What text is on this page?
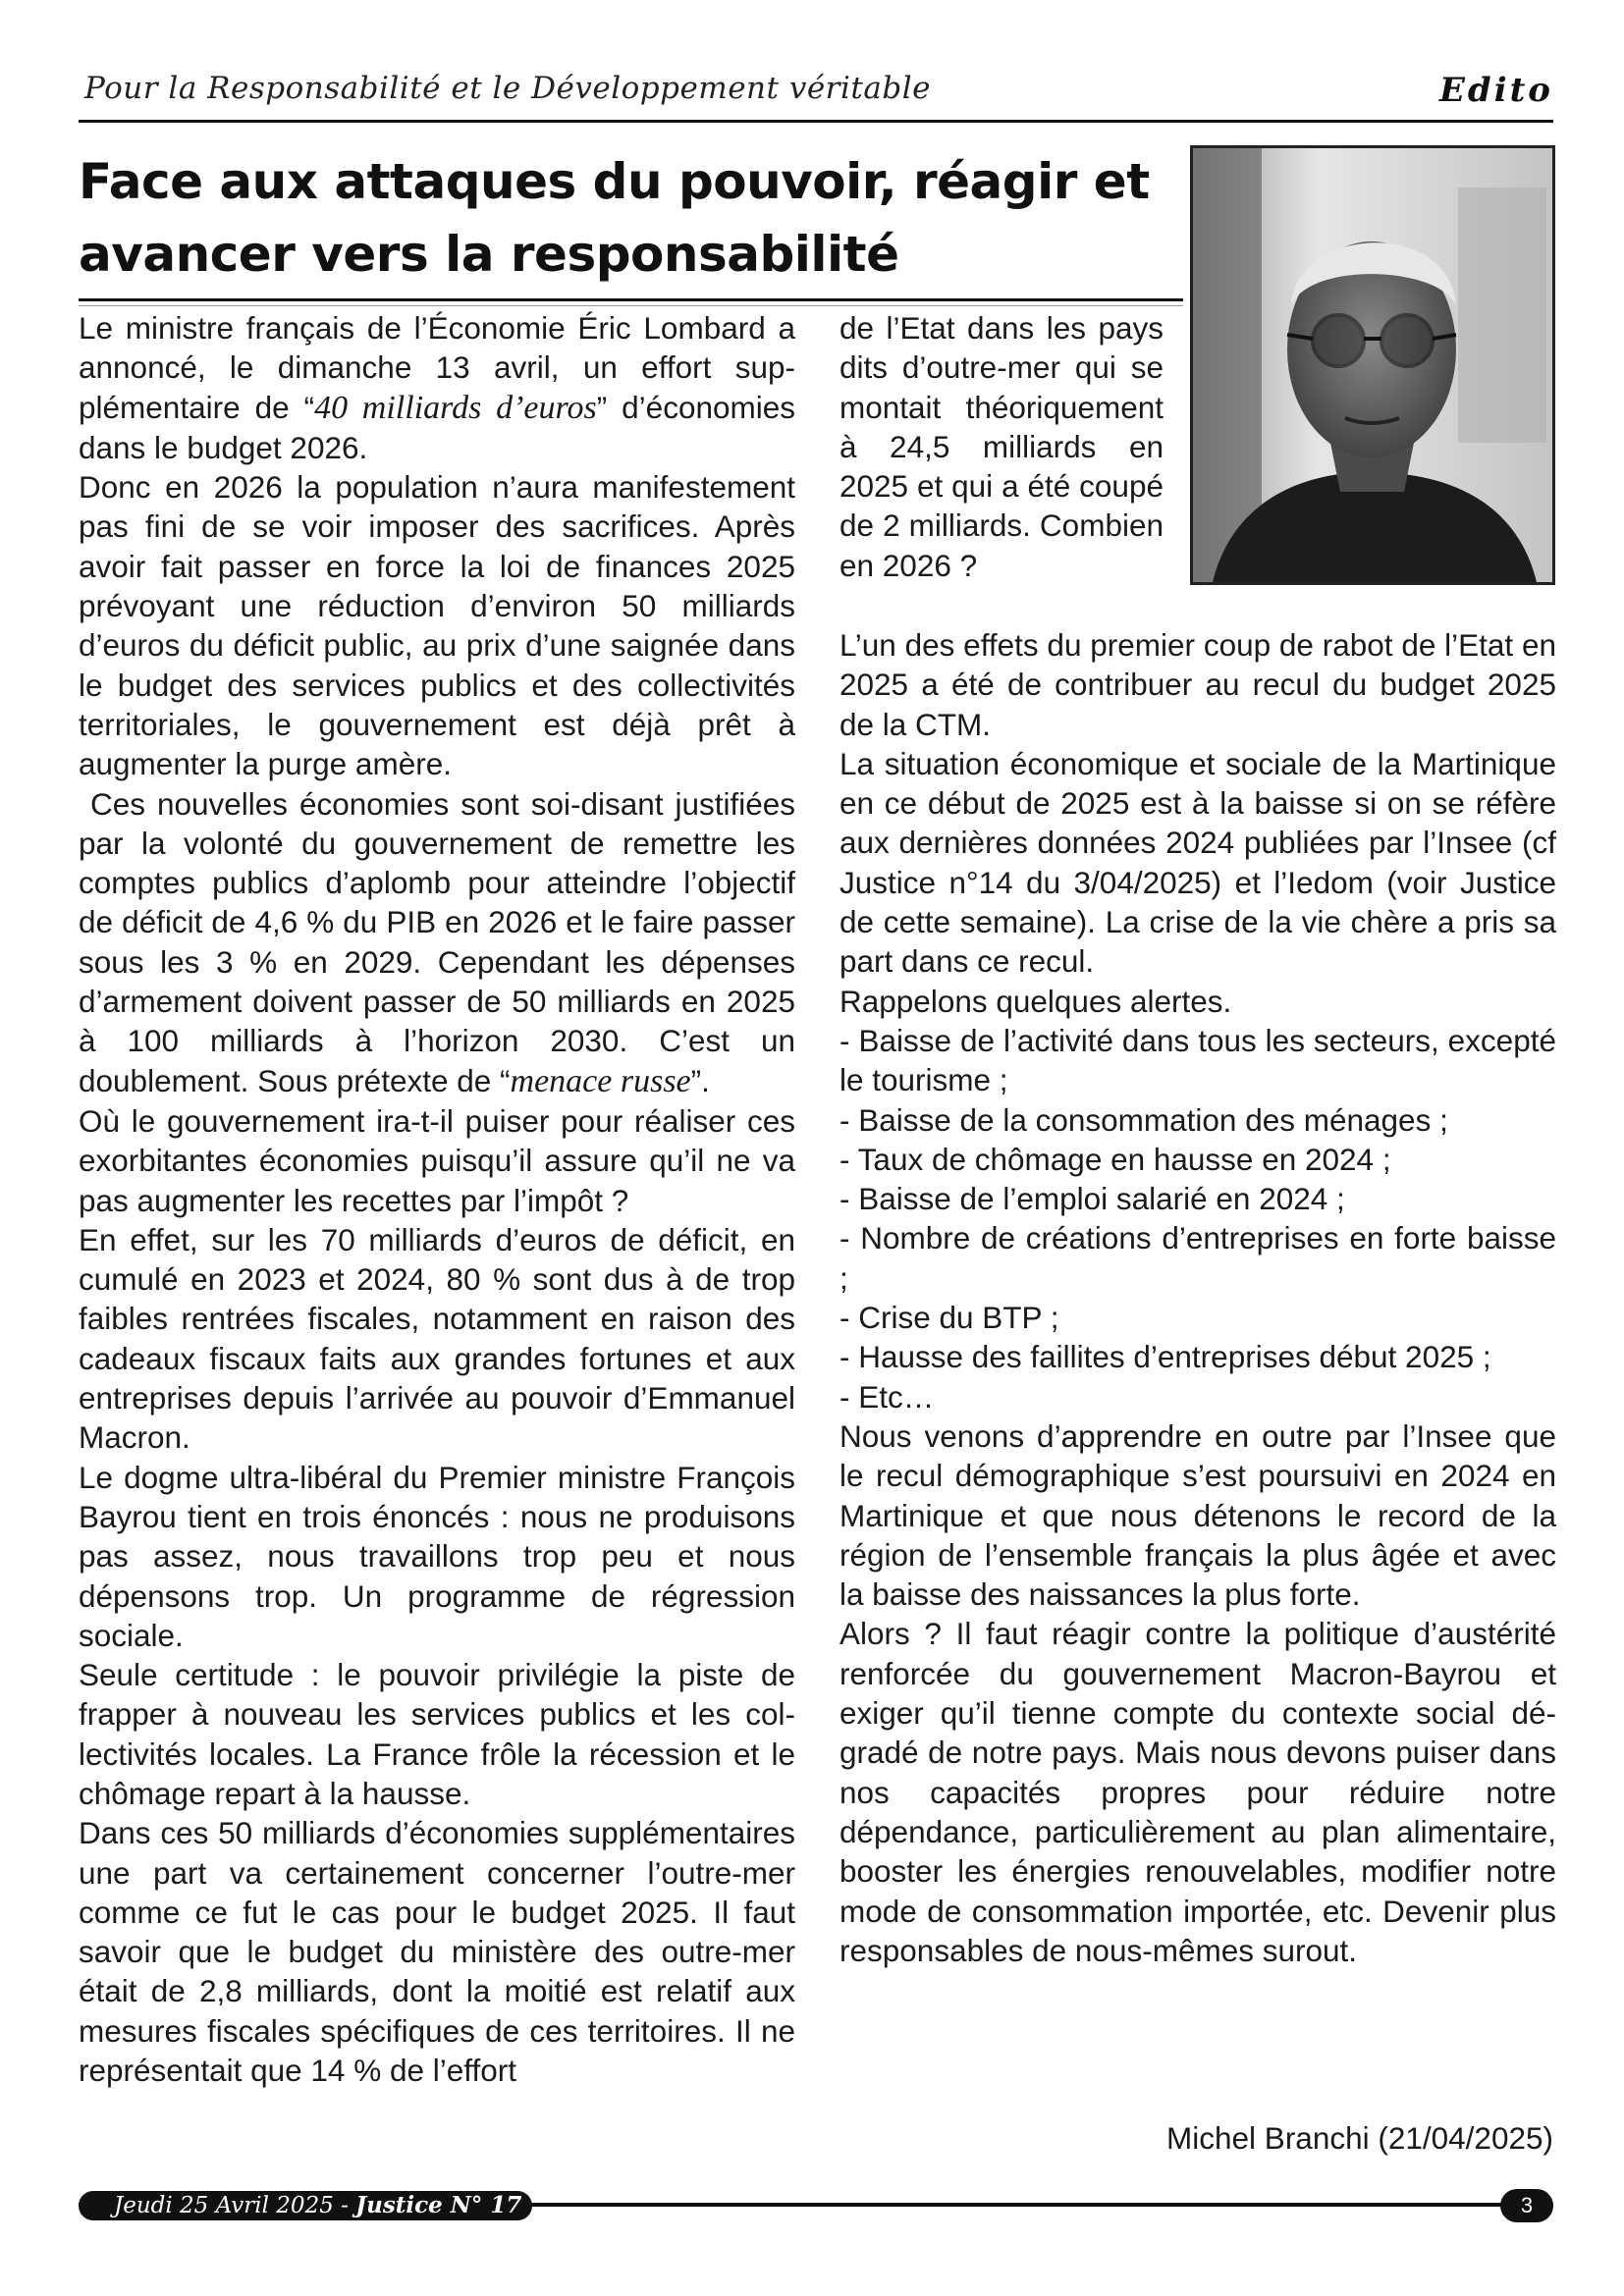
Pour la Responsabilité et le Développement véritable	Edito
Face aux attaques du pouvoir, réagir et avancer vers la responsabilité

Le ministre français de l’Économie Éric Lombard a annoncé, le dimanche 13 avril, un effort supplémentaire de “40 milliards d’euros” d’économies dans le budget 2026.

Donc en 2026 la population n’aura manifestement pas fini de se voir imposer des sacrifices. Après avoir fait passer en force la loi de finances 2025 prévoyant une réduction d’environ 50 milliards d’euros du déficit public, au prix d’une saignée dans le budget des services publics et des collectivités territoriales, le gouvernement est déjà prêt à augmenter la purge amère.

Ces nouvelles économies sont soi-disant justifiées par la volonté du gouvernement de remettre les comptes publics d’aplomb pour atteindre l’objectif de déficit de 4,6 % du PIB en 2026 et le faire passer sous les 3 % en 2029. Cependant les dépenses d’armement doivent passer de 50 milliards en 2025 à 100 milliards à l’horizon 2030. C’est un doublement. Sous prétexte de “menace russe”.

Où le gouvernement ira-t-il puiser pour réaliser ces exorbitantes économies puisqu’il assure qu’il ne va pas augmenter les recettes par l’impôt ?

En effet, sur les 70 milliards d’euros de déficit, en cumulé en 2023 et 2024, 80 % sont dus à de trop faibles rentrées fiscales, notamment en raison des cadeaux fiscaux faits aux grandes fortunes et aux entreprises depuis l’arrivée au pouvoir d’Emmanuel Macron.

Le dogme ultra-libéral du Premier ministre François Bayrou tient en trois énoncés : nous ne produisons pas assez, nous travaillons trop peu et nous dépensons trop. Un programme de régression sociale.

Seule certitude : le pouvoir privilégie la piste de frapper à nouveau les services publics et les collectivités locales. La France frôle la récession et le chômage repart à la hausse.

Dans ces 50 milliards d’économies supplémentaires une part va certainement concerner l’outre-mer comme ce fut le cas pour le budget 2025. Il faut savoir que le budget du ministère des outre-mer était de 2,8 milliards, dont la moitié est relatif aux mesures fiscales spécifiques de ces territoires. Il ne représentait que 14 % de l’effort

de l’Etat dans les pays dits d’outre-mer qui se montait théoriquement à 24,5 milliards en 2025 et qui a été coupé de 2 milliards. Combien en 2026 ?

L’un des effets du premier coup de rabot de l’Etat en 2025 a été de contribuer au recul du budget 2025 de la CTM.

La situation économique et sociale de la Martinique en ce début de 2025 est à la baisse si on se réfère aux dernières données 2024 publiées par l’Insee (cf Justice n°14 du 3/04/2025) et l’Iedom (voir Justice de cette semaine). La crise de la vie chère a pris sa part dans ce recul.

Rappelons quelques alertes.

- Baisse de l’activité dans tous les secteurs, excepté le tourisme ;
- Baisse de la consommation des ménages ;
- Taux de chômage en hausse en 2024 ;
- Baisse de l’emploi salarié en 2024 ;
- Nombre de créations d’entreprises en forte baisse ;
- Crise du BTP ;
- Hausse des faillites d’entreprises début 2025 ;
- Etc…

Nous venons d’apprendre en outre par l’Insee que le recul démographique s’est poursuivi en 2024 en Martinique et que nous détenons le record de la région de l’ensemble français la plus âgée et avec la baisse des naissances la plus forte.

Alors ? Il faut réagir contre la politique d’austérité renforcée du gouvernement Macron-Bayrou et exiger qu’il tienne compte du contexte social dégradé de notre pays. Mais nous devons puiser dans nos capacités propres pour réduire notre dépendance, particulièrement au plan alimentaire, booster les énergies renouvelables, modifier notre mode de consommation importée, etc. Devenir plus responsables de nous-mêmes surout.

Michel Branchi (21/04/2025)
Jeudi 25 Avril 2025 - Justice N° 17	3
